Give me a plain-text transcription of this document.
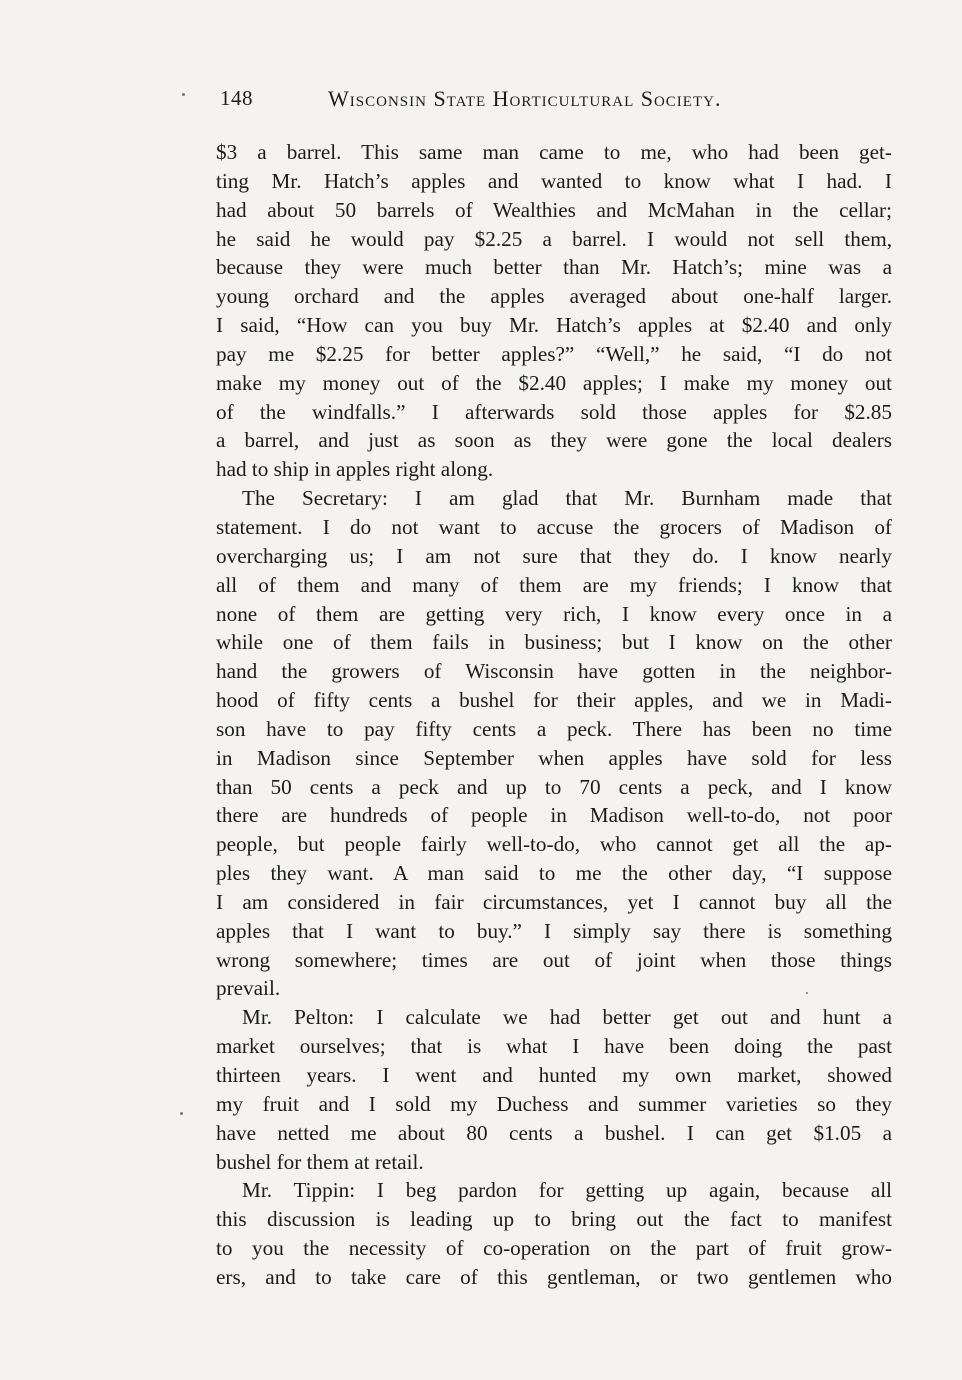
148	Wisconsin State Horticultural Society.

$3 a barrel. This same man came to me, who had been get-
ting Mr. Hatch’s apples and wanted to know what I had. I
had about 50 barrels of Wealthies and McMahan in the cellar;
he said he would pay $2.25 a barrel. I would not sell them,
because they were much better than Mr. Hatch’s; mine was a
young orchard and the apples averaged about one-half larger.
I said, “How can you buy Mr. Hatch’s apples at $2.40 and only
pay me $2.25 for better apples?” “Well,” he said, “I do not
make my money out of the $2.40 apples; I make my money out
of the windfalls.” I afterwards sold those apples for $2.85
a barrel, and just as soon as they were gone the local dealers
had to ship in apples right along.

The Secretary: I am glad that Mr. Burnham made that
statement. I do not want to accuse the grocers of Madison of
overcharging us; I am not sure that they do. I know nearly
all of them and many of them are my friends; I know that
none of them are getting very rich, I know every once in a
while one of them fails in business; but I know on the other
hand the growers of Wisconsin have gotten in the neighbor-
hood of fifty cents a bushel for their apples, and we in Madi-
son have to pay fifty cents a peck. There has been no time
in Madison since September when apples have sold for less
than 50 cents a peck and up to 70 cents a peck, and I know
there are hundreds of people in Madison well-to-do, not poor
people, but people fairly well-to-do, who cannot get all the ap-
ples they want. A man said to me the other day, “I suppose
I am considered in fair circumstances, yet I cannot buy all the
apples that I want to buy.” I simply say there is something
wrong somewhere; times are out of joint when those things
prevail.

Mr. Pelton: I calculate we had better get out and hunt a
market ourselves; that is what I have been doing the past
thirteen years. I went and hunted my own market, showed
my fruit and I sold my Duchess and summer varieties so they
have netted me about 80 cents a bushel. I can get $1.05 a
bushel for them at retail.

Mr. Tippin: I beg pardon for getting up again, because all
this discussion is leading up to bring out the fact to manifest
to you the necessity of co-operation on the part of fruit grow-
ers, and to take care of this gentleman, or two gentlemen who
